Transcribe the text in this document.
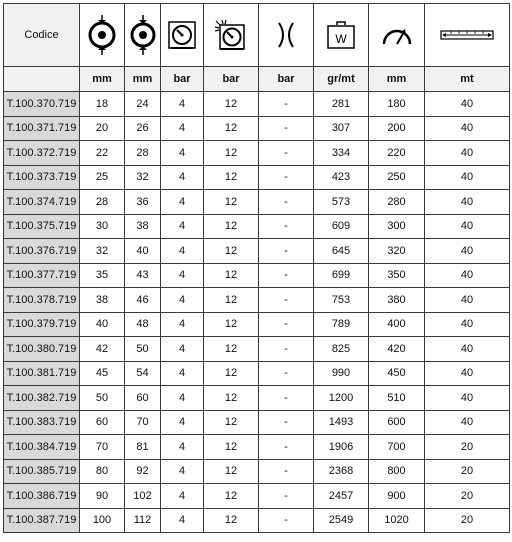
Codice						W

	mm	mm	bar	bar	bar	gr/mt	mm	mt
T.100.370.719	18	24	4	12	-	281	180	40
T.100.371.719	20	26	4	12	-	307	200	40
T.100.372.719	22	28	4	12	-	334	220	40
T.100.373.719	25	32	4	12	-	423	250	40
T.100.374.719	28	36	4	12	-	573	280	40
T.100.375.719	30	38	4	12	-	609	300	40
T.100.376.719	32	40	4	12	-	645	320	40
T.100.377.719	35	43	4	12	-	699	350	40
T.100.378.719	38	46	4	12	-	753	380	40
T.100.379.719	40	48	4	12	-	789	400	40
T.100.380.719	42	50	4	12	-	825	420	40
T.100.381.719	45	54	4	12	-	990	450	40
T.100.382.719	50	60	4	12	-	1200	510	40
T.100.383.719	60	70	4	12	-	1493	600	40
T.100.384.719	70	81	4	12	-	1906	700	20
T.100.385.719	80	92	4	12	-	2368	800	20
T.100.386.719	90	102	4	12	-	2457	900	20
T.100.387.719	100	112	4	12	-	2549	1020	20
